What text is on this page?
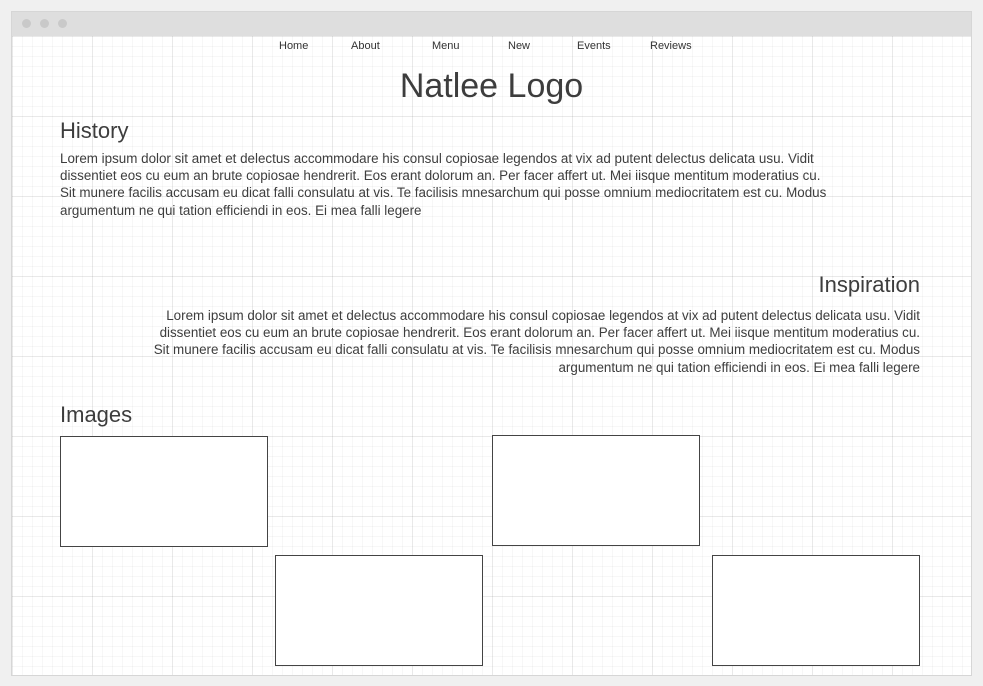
Home	About	Menu	New	Events	Reviews
Natlee Logo
History

Lorem ipsum dolor sit amet et delectus accommodare his consul copiosae legendos at vix ad putent delectus delicata usu. Vidit dissentiet eos cu eum an brute copiosae hendrerit. Eos erant dolorum an. Per facer affert ut. Mei iisque mentitum moderatius cu. Sit munere facilis accusam eu dicat falli consulatu at vis. Te facilisis mnesarchum qui posse omnium mediocritatem est cu. Modus argumentum ne qui tation efficiendi in eos. Ei mea falli legere

Inspiration

Lorem ipsum dolor sit amet et delectus accommodare his consul copiosae legendos at vix ad putent delectus delicata usu. Vidit dissentiet eos cu eum an brute copiosae hendrerit. Eos erant dolorum an. Per facer affert ut. Mei iisque mentitum moderatius cu. Sit munere facilis accusam eu dicat falli consulatu at vis. Te facilisis mnesarchum qui posse omnium mediocritatem est cu. Modus argumentum ne qui tation efficiendi in eos. Ei mea falli legere

Images
